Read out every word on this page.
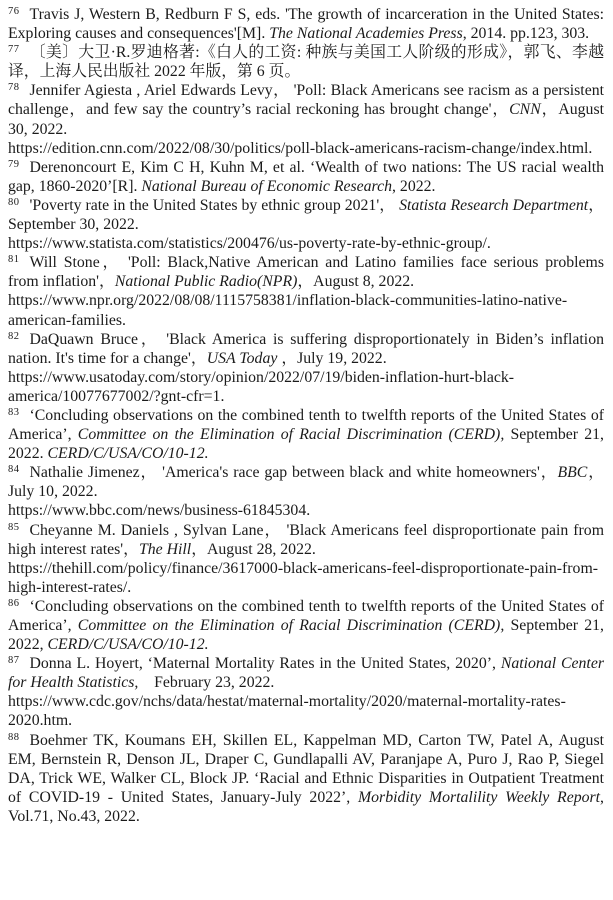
$^{76}$ Travis J, Western B, Redburn F S, eds. 'The growth of incarceration in the United States: Exploring causes and consequences'[M]. The National Academies Press, 2014. pp.123, 303.

$^{77}$ 〔美〕大卫·R.罗迪格著:《白人的工资: 种族与美国工人阶级的形成》，郭飞、李越译，上海人民出版社 2022 年版，第 6 页。

$^{78}$ Jennifer Agiesta , Ariel Edwards Levy， 'Poll: Black Americans see racism as a persistent challenge，and few say the country’s racial reckoning has brought change'，CNN，August 30, 2022.
https://edition.cnn.com/2022/08/30/politics/poll-black-americans-racism-change/index.html.

$^{79}$ Derenoncourt E, Kim C H, Kuhn M, et al. ‘Wealth of two nations: The US racial wealth gap, 1860-2020’[R]. National Bureau of Economic Research, 2022.

$^{80}$ 'Poverty rate in the United States by ethnic group 2021'， Statista Research Department，September 30, 2022.
https://www.statista.com/statistics/200476/us-poverty-rate-by-ethnic-group/.

$^{81}$ Will Stone， 'Poll: Black,Native American and Latino families face serious problems from inflation'，National Public Radio(NPR)，August 8, 2022.
https://www.npr.org/2022/08/08/1115758381/inflation-black-communities-latino-native-american-families.

$^{82}$ DaQuawn Bruce， 'Black America is suffering disproportionately in Biden’s inflation nation. It's time for a change'，USA Today ，July 19, 2022.
https://www.usatoday.com/story/opinion/2022/07/19/biden-inflation-hurt-black-america/10077677002/?gnt-cfr=1.

$^{83}$ ‘Concluding observations on the combined tenth to twelfth reports of the United States of America’, Committee on the Elimination of Racial Discrimination (CERD), September 21, 2022. CERD/C/USA/CO/10-12.

$^{84}$ Nathalie Jimenez， 'America's race gap between black and white homeowners'，BBC，July 10, 2022.
https://www.bbc.com/news/business-61845304.

$^{85}$ Cheyanne M. Daniels , Sylvan Lane， 'Black Americans feel disproportionate pain from high interest rates'，The Hill，August 28, 2022.
https://thehill.com/policy/finance/3617000-black-americans-feel-disproportionate-pain-from-high-interest-rates/.

$^{86}$ ‘Concluding observations on the combined tenth to twelfth reports of the United States of America’, Committee on the Elimination of Racial Discrimination (CERD), September 21, 2022, CERD/C/USA/CO/10-12.

$^{87}$ Donna L. Hoyert, ‘Maternal Mortality Rates in the United States, 2020’, National Center for Health Statistics,　February 23, 2022.
https://www.cdc.gov/nchs/data/hestat/maternal-mortality/2020/maternal-mortality-rates-2020.htm.

$^{88}$ Boehmer TK, Koumans EH, Skillen EL, Kappelman MD, Carton TW, Patel A, August EM, Bernstein R, Denson JL, Draper C, Gundlapalli AV, Paranjape A, Puro J, Rao P, Siegel DA, Trick WE, Walker CL, Block JP. ‘Racial and Ethnic Disparities in Outpatient Treatment of COVID-19 - United States, January-July 2022’, Morbidity Mortalility Weekly Report, Vol.71, No.43, 2022.
